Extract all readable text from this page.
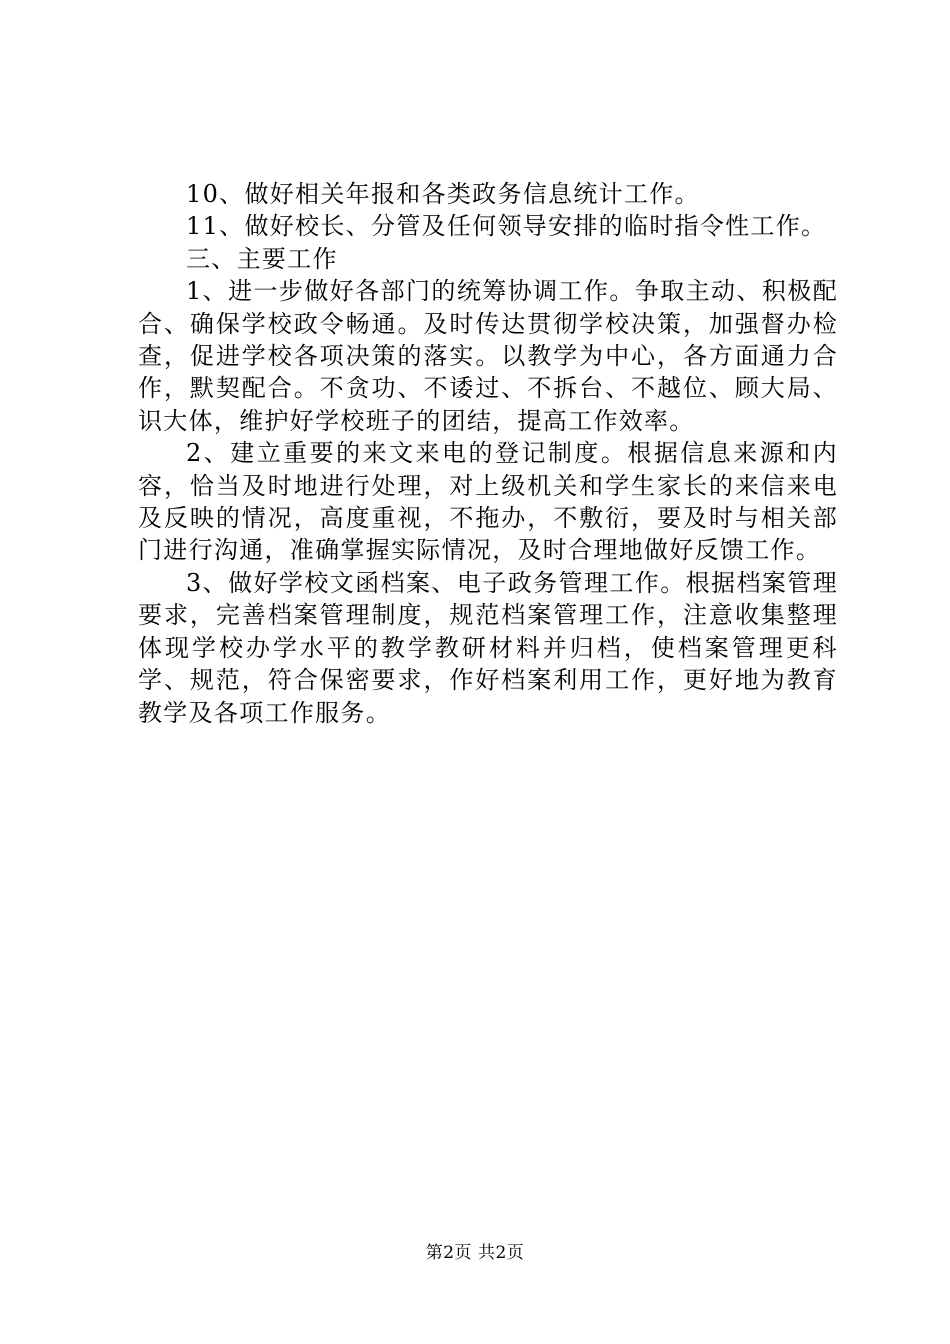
10、做好相关年报和各类政务信息统计工作。

11、做好校长、分管及任何领导安排的临时指令性工作。

三、主要工作

1、进一步做好各部门的统筹协调工作。争取主动、积极配合、确保学校政令畅通。及时传达贯彻学校决策，加强督办检查，促进学校各项决策的落实。以教学为中心，各方面通力合作，默契配合。不贪功、不诿过、不拆台、不越位、顾大局、识大体，维护好学校班子的团结，提高工作效率。

2、建立重要的来文来电的登记制度。根据信息来源和内容，恰当及时地进行处理，对上级机关和学生家长的来信来电及反映的情况，高度重视，不拖办，不敷衍，要及时与相关部门进行沟通，准确掌握实际情况，及时合理地做好反馈工作。

3、做好学校文函档案、电子政务管理工作。根据档案管理要求，完善档案管理制度，规范档案管理工作，注意收集整理体现学校办学水平的教学教研材料并归档，使档案管理更科学、规范，符合保密要求，作好档案利用工作，更好地为教育教学及各项工作服务。

第2页 共2页
